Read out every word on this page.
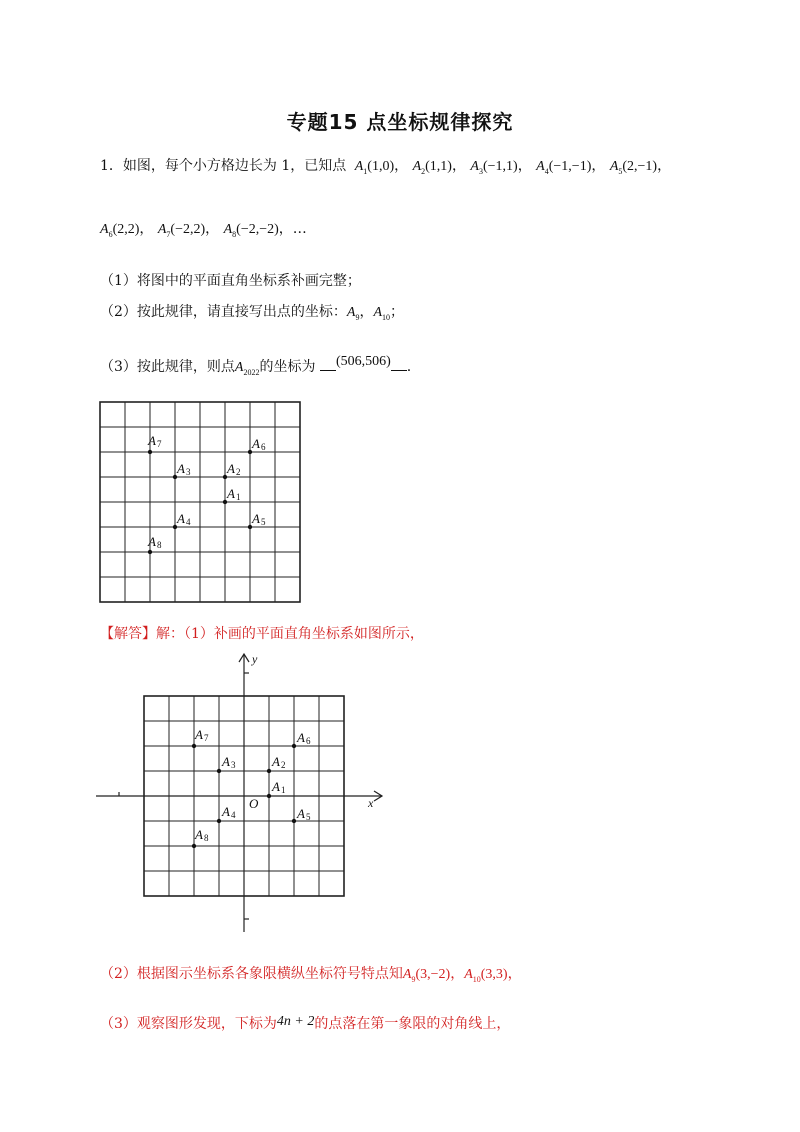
专题15 点坐标规律探究
1．如图，每个小方格边长为 1，已知点 $A_1(1,0)$， $A_2(1,1)$， $A_3(-1,1)$， $A_4(-1,-1)$， $A_5(2,-1)$，
$A_6(2,2)$， $A_7(-2,2)$， $A_8(-2,-2)$，…
（1）将图中的平面直角坐标系补画完整；
（2）按此规律，请直接写出点的坐标：$A_9$，$A_{10}$；
（3）按此规律，则点$A_{2022}$的坐标为 (506,506) .
A1
A2
A3
A4	A5
A6
A7
A8
【解答】解：（1）补画的平面直角坐标系如图所示，
A1
A2
A3
A4	A5
A6
A7
A8
O	x
y
（2）根据图示坐标系各象限横纵坐标符号特点知$A_9(3,-2)$，$A_{10}(3,3)$，
（3）观察图形发现，下标为4n + 2的点落在第一象限的对角线上，
